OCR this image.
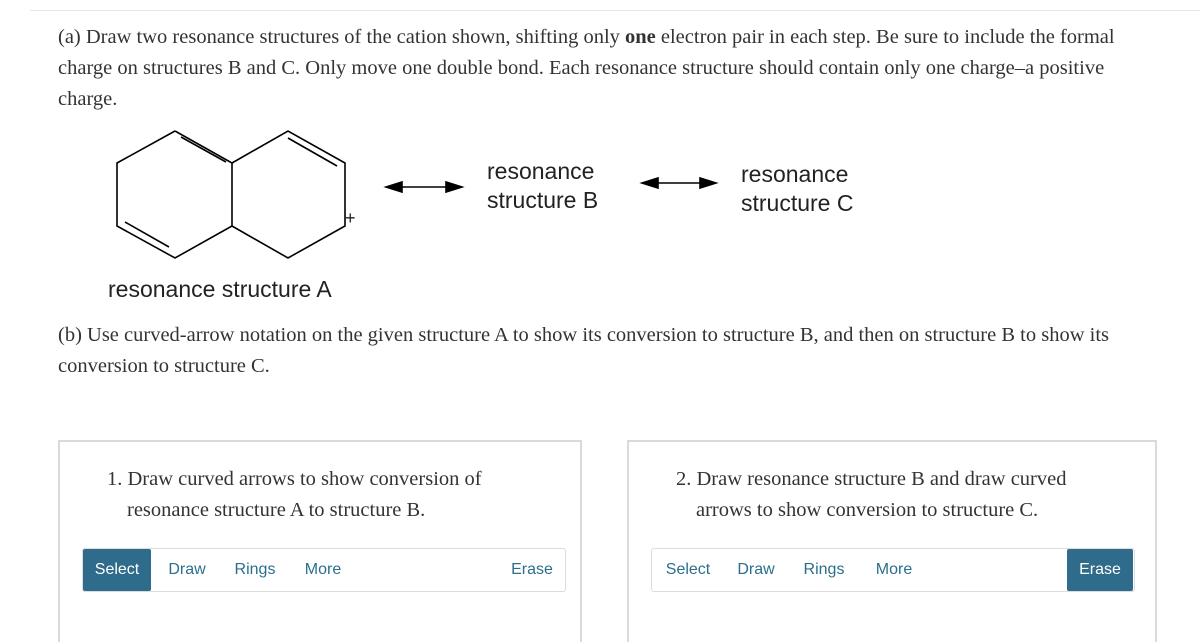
(a) Draw two resonance structures of the cation shown, shifting only one electron pair in each step. Be sure to include the formal charge on structures B and C. Only move one double bond. Each resonance structure should contain only one charge–a positive charge.
+
resonance
structure B
resonance
structure C
resonance structure A
(b) Use curved-arrow notation on the given structure A to show its conversion to structure B, and then on structure B to show its conversion to structure C.
1. Draw curved arrows to show conversion of
resonance structure A to structure B.
Select	Draw	Rings	More	Erase
2. Draw resonance structure B and draw curved
arrows to show conversion to structure C.
Select	Draw	Rings	More	Erase
